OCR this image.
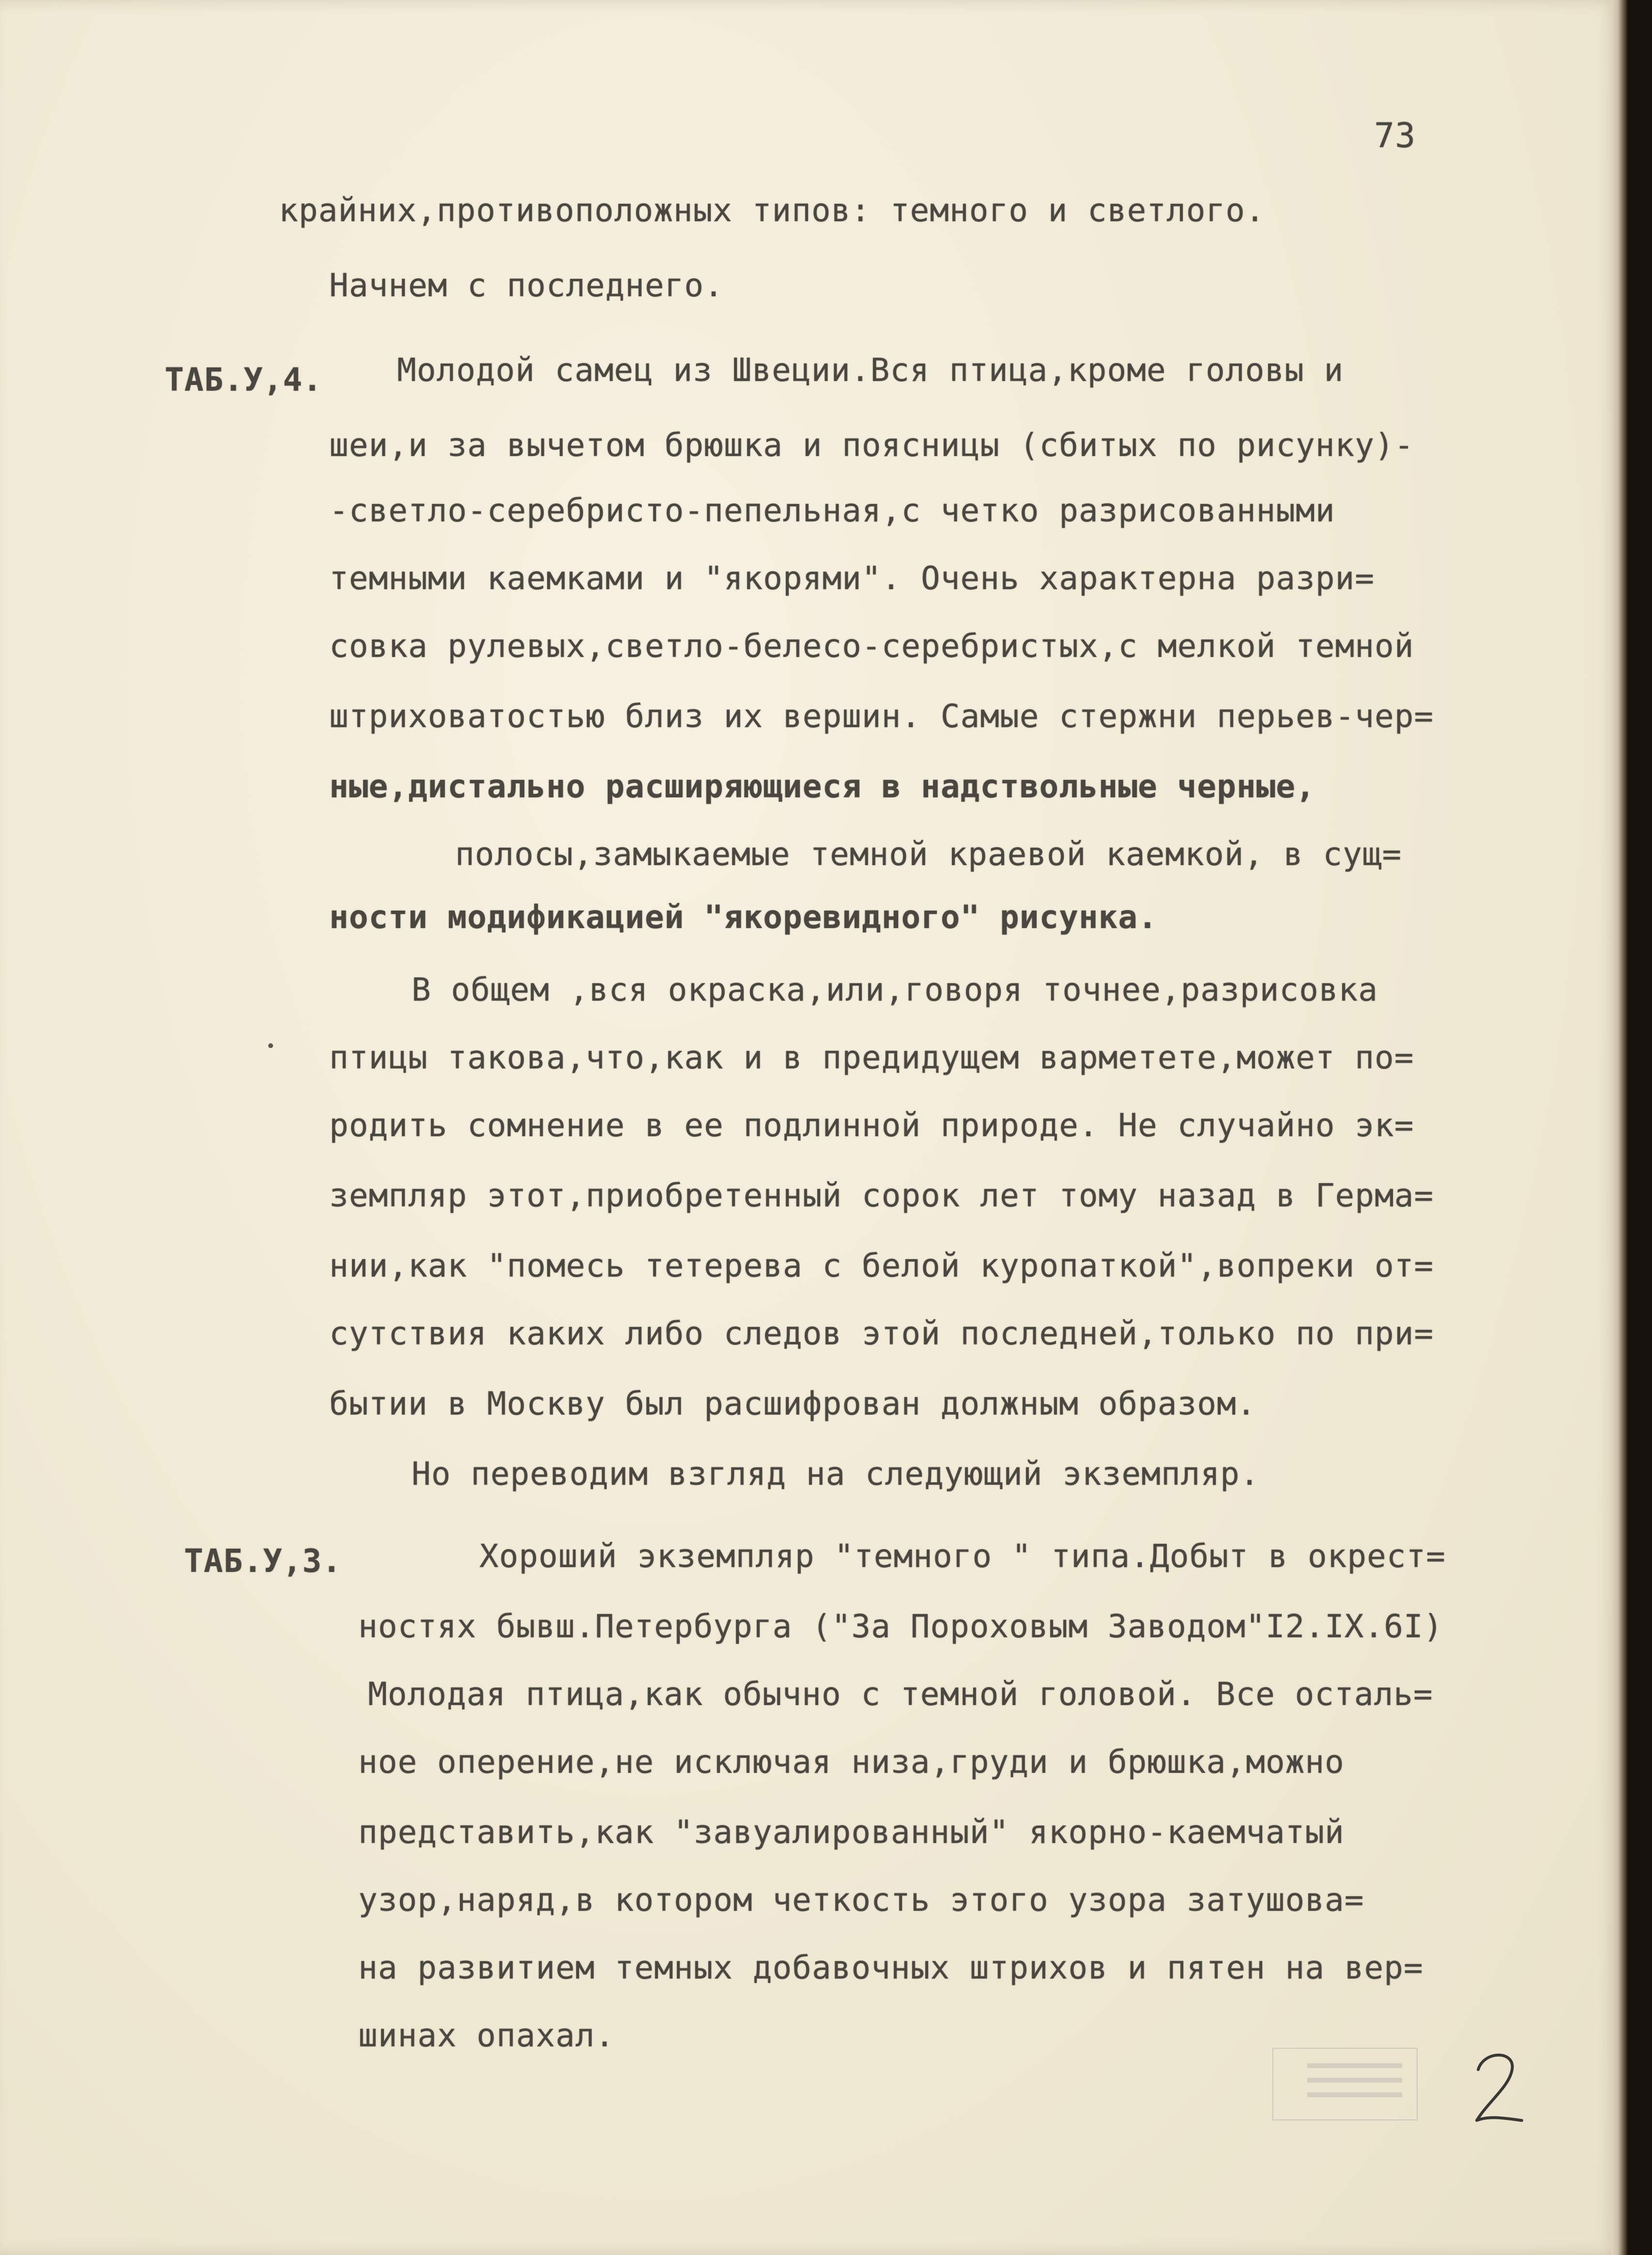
73
крайних,противоположных типов: темного и светлого.
Начнем с последнего.
ТАБ.У,4. Молодой самец из Швеции.Вся птица,кроме головы и
шеи,и за вычетом брюшка и поясницы (сбитых по рисунку)-
-светло-серебристо-пепельная,с четко разрисованными
темными каемками и "якорями". Очень характерна разри=
совка рулевых,светло-белесо-серебристых,с мелкой темной
штриховатостью близ их вершин. Самые стержни перьев-чер=
ные,дистально расширяющиеся в надствольные черные,
полосы,замыкаемые темной краевой каемкой, в сущ=
ности модификацией "якоревидного" рисунка.
В общем ,вся окраска,или,говоря точнее,разрисовка
птицы такова,что,как и в предидущем варметете,может по=
родить сомнение в ее подлинной природе. Не случайно эк=
земпляр этот,приобретенный сорок лет тому назад в Герма=
нии,как "помесь тетерева с белой куропаткой",вопреки от=
сутствия каких либо следов этой последней,только по при=
бытии в Москву был расшифрован должным образом.
Но переводим взгляд на следующий экземпляр.
ТАБ.У,3.	Хороший экземпляр "темного " типа.Добыт в окрест=
ностях бывш.Петербурга ("За Пороховым Заводом"I2.IX.6I)
Молодая птица,как обычно с темной головой. Все осталь=
ное оперение,не исключая низа,груди и брюшка,можно
представить,как "завуалированный" якорно-каемчатый
узор,наряд,в котором четкость этого узора затушова=
на развитием темных добавочных штрихов и пятен на вер=
шинах опахал.
